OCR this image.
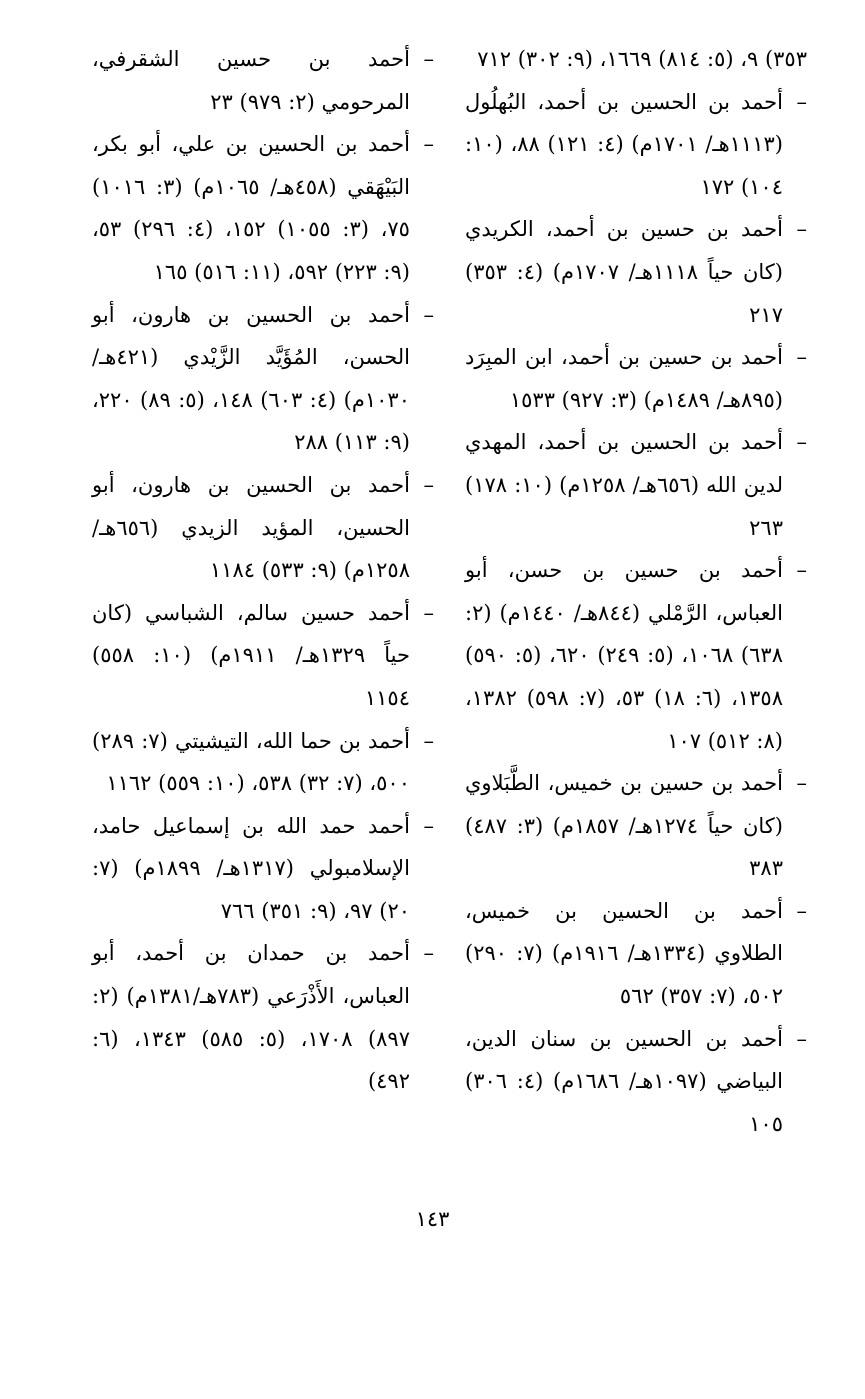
٣٥٣) ٩، (٥: ٨١٤) ١٦٦٩، (٩: ٣٠٢) ٧١٢
–
أحمد بن الحسين بن أحمد، البُهلُول (١١١٣هـ/ ١٧٠١م) (٤: ١٢١) ٨٨، (١٠: ١٠٤) ١٧٢
–
أحمد بن حسين بن أحمد، الكريدي (كان حياً ١١١٨هـ/ ١٧٠٧م) (٤: ٣٥٣) ٢١٧
–
أحمد بن حسين بن أحمد، ابن المبِرَد (٨٩٥هـ/ ١٤٨٩م) (٣: ٩٢٧) ١٥٣٣
–
أحمد بن الحسين بن أحمد، المهدي لدين الله (٦٥٦هـ/ ١٢٥٨م) (١٠: ١٧٨) ٢٦٣
–
أحمد بن حسين بن حسن، أبو العباس، الرَّمْلي (٨٤٤هـ/ ١٤٤٠م) (٢: ٦٣٨) ١٠٦٨، (٥: ٢٤٩) ٦٢٠، (٥: ٥٩٠) ١٣٥٨، (٦: ١٨) ٥٣، (٧: ٥٩٨) ١٣٨٢، (٨: ٥١٢) ١٠٧
–
أحمد بن حسين بن خميس، الطَّبَلاوي (كان حياً ١٢٧٤هـ/ ١٨٥٧م) (٣: ٤٨٧) ٣٨٣
–
أحمد بن الحسين بن خميس، الطلاوي (١٣٣٤هـ/ ١٩١٦م) (٧: ٢٩٠) ٥٠٢، (٧: ٣٥٧) ٥٦٢
–
أحمد بن الحسين بن سنان الدين، البياضي (١٠٩٧هـ/ ١٦٨٦م) (٤: ٣٠٦) ١٠٥
–
أحمد بن حسين الشقرفي، المرحومي (٢: ٩٧٩) ٢٣
–
أحمد بن الحسين بن علي، أبو بكر، البَيْهَقي (٤٥٨هـ/ ١٠٦٥م) (٣: ١٠١٦) ٧٥، (٣: ١٠٥٥) ١٥٢، (٤: ٢٩٦) ٥٣، (٩: ٢٢٣) ٥٩٢، (١١: ٥١٦) ١٦٥
–
أحمد بن الحسين بن هارون، أبو الحسن، المُؤَيَّد الزَّيْدي (٤٢١هـ/ ١٠٣٠م) (٤: ٦٠٣) ١٤٨، (٥: ٨٩) ٢٢٠، (٩: ١١٣) ٢٨٨
–
أحمد بن الحسين بن هارون، أبو الحسين، المؤيد الزيدي (٦٥٦هـ/ ١٢٥٨م) (٩: ٥٣٣) ١١٨٤
–
أحمد حسين سالم، الشباسي (كان حياً ١٣٢٩هـ/ ١٩١١م) (١٠: ٥٥٨) ١١٥٤
–
أحمد بن حما الله، التيشيتي (٧: ٢٨٩) ٥٠٠، (٧: ٣٢) ٥٣٨، (١٠: ٥٥٩) ١١٦٢
–
أحمد حمد الله بن إسماعيل حامد، الإسلامبولي (١٣١٧هـ/ ١٨٩٩م) (٧: ٢٠) ٩٧، (٩: ٣٥١) ٧٦٦
–
أحمد بن حمدان بن أحمد، أبو العباس، الأَذْرَعي (٧٨٣هـ/١٣٨١م) (٢: ٨٩٧) ١٧٠٨، (٥: ٥٨٥) ١٣٤٣، (٦: ٤٩٢)
١٤٣
